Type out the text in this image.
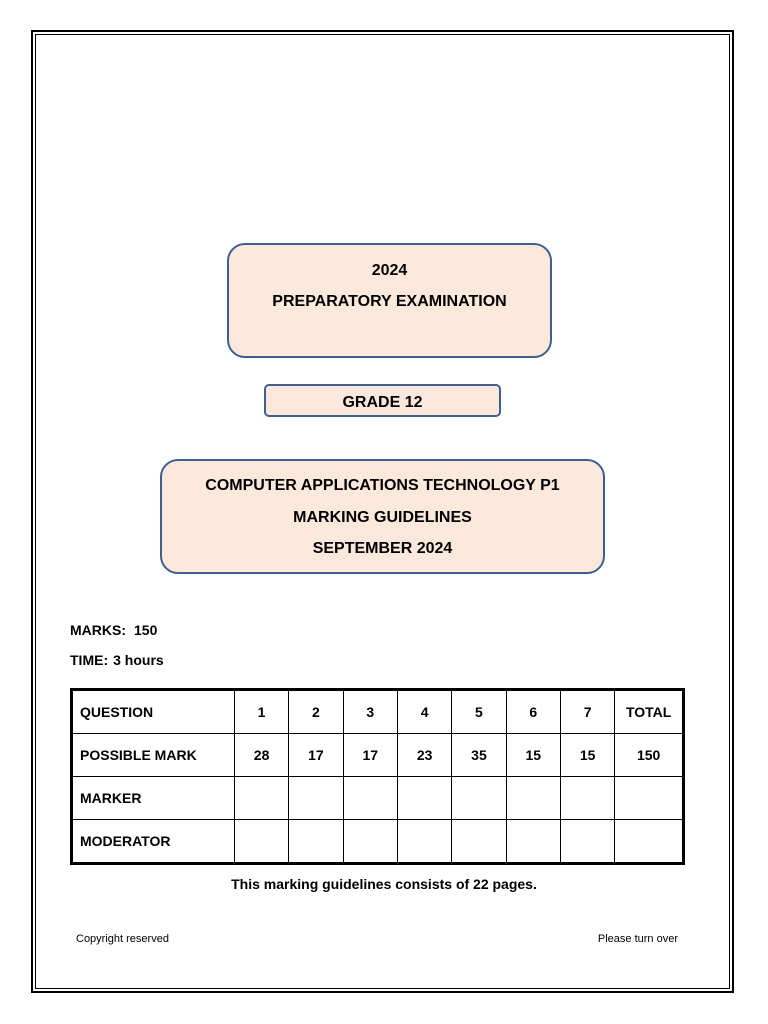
2024
PREPARATORY EXAMINATION
GRADE 12
COMPUTER APPLICATIONS TECHNOLOGY P1
MARKING GUIDELINES
SEPTEMBER 2024
MARKS: 150
TIME: 3 hours
QUESTION	1	2	3	4	5	6	7	TOTAL
POSSIBLE MARK	28	17	17	23	35	15	15	150
MARKER								
MODERATOR								
This marking guidelines consists of 22 pages.
Copyright reserved	Please turn over
